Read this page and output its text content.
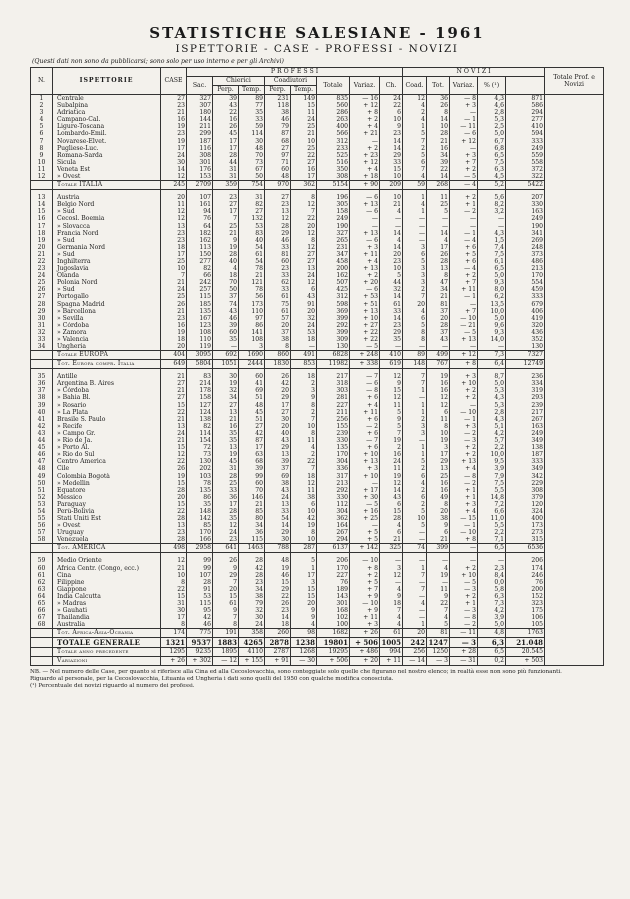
STATISTICHE SALESIANE - 1961
ISPETTORIE - CASE - PROFESSI - NOVIZI
(Questi dati non sono da pubblicarsi; sono solo per uso interno e per gli Archivi)
N.	ISPETTORIE	CASE	P R O F E S S I								N O V I Z I					Totale Prof. e Novizi
			Sac.	Chierici		Coadiutori		Totale	Variaz.	Ch.	Coad.	Tot.	Variaz.	% (¹)		
				Perp.	Temp.	Perp.	Temp.									
1	Centrale	27	327	39	89	231	149	835	— 16	24	12	36	— 8	4,3	871	
2	Subalpina	23	307	43	77	118	15	560	+ 12	22	4	26	+ 3	4,6	586	
3	Adriatica	21	180	22	35	38	11	286	+ 8	6	2	8	—	2,8	294	
4	Campano-Cal.	16	144	16	33	46	24	263	+ 2	10	4	14	— 1	5,3	277	
5	Ligure-Toscana	19	211	26	59	79	25	400	+ 4	9	1	10	— 11	2,5	410	
6	Lombardo-Emil.	23	299	45	114	87	21	566	+ 21	23	5	28	— 6	5,0	594	
7	Novarese-Elvet.	19	187	17	30	68	10	312	—	14	7	21	+ 12	6,7	333	
8	Pugliese-Luc.	17	116	17	48	27	25	233	+ 2	14	2	16	—	6,8	249	
9	Romana-Sarda	24	308	28	70	97	22	525	+ 23	29	5	34	+ 3	6,5	559	
10	Sicula	30	301	44	73	71	27	516	+ 12	33	6	39	+ 7	7,5	558	
11	Veneta Est	14	176	31	67	60	16	350	+ 4	15	7	22	+ 2	6,3	372	
12	» Ovest	12	153	31	50	48	17	308	+ 18	10	4	14	— 5	4,5	322	
	Totale ITALIA	245	2709	359	754	970	362	5154	+ 90	209	59	268	— 4	5,2	5422	

13	Austria	20	107	23	31	27	8	196	— 6	10	1	11	+ 2	5,6	207	
14	Belgio Nord	11	161	27	82	23	12	305	+ 13	21	4	25	+ 1	8,2	330	
15	» Sud	12	94	17	27	13	7	158	— 6	4	1	5	— 2	3,2	163	
16	Cecosl. Boemia	12	76	7	132	12	22	249	—	—	—	—	—	—	249	
17	» Slovacca	13	64	25	53	28	20	190	—	—	—	—	—	—	190	
18	Francia Nord	23	182	21	83	29	12	327	+ 13	14	—	14	— 1	4,3	341	
19	» Sud	23	162	9	40	46	8	265	— 6	4	—	4	— 4	1,5	269	
20	Germania Nord	18	113	19	54	33	12	231	+ 3	14	3	17	+ 6	7,4	248	
21	» Sud	17	150	28	61	81	27	347	+ 11	20	6	26	+ 5	7,5	373	
22	Inghilterra	25	277	40	54	60	27	458	+ 4	23	5	28	+ 6	6,1	486	
23	Jugoslavia	10	82	4	78	23	13	200	+ 13	10	3	13	— 4	6,5	213	
24	Olanda	7	66	18	21	33	24	162	+ 2	5	3	8	+ 2	5,0	170	
25	Polonia Nord	21	242	70	121	62	12	507	+ 20	44	3	47	+ 7	9,3	554	
26	» Sud	24	257	50	78	33	6	425	— 6	32	2	34	+ 11	8,0	459	
27	Portogallo	25	115	37	56	61	43	312	+ 53	14	7	21	— 1	6,2	333	
28	Spagna Madrid	26	185	74	173	75	91	598	+ 51	61	20	81	—	13,5	679	
29	» Barcellona	21	135	43	110	61	20	369	+ 13	33	4	37	+ 7	10,0	406	
30	» Sevilla	23	167	46	97	57	32	399	+ 10	14	6	20	— 10	5,0	419	
31	» Córdoba	16	123	39	86	20	24	292	+ 27	23	5	28	— 21	9,6	320	
32	» Zamora	19	108	60	141	37	53	399	+ 22	29	8	37	— 5	9,3	436	
33	» Valencia	18	110	35	108	38	18	309	+ 22	35	8	43	+ 13	14,0	352	
34	Ungheria	20	119	—	3	8	—	130	— 5	—	—	—	—	—	130	
	Totale EUROPA	404	3095	692	1690	860	491	6828	+ 248	410	89	499	+ 12	7,3	7327	
	Tot. Europa compr. Italia	649	5804	1051	2444	1830	853	11982	+ 338	619	148	767	+ 8	6,4	12749	

35	Antille	21	83	30	60	26	18	217	— 7	12	7	19	+ 3	8,7	236	
36	Argentina B. Aires	27	214	19	41	42	2	318	— 6	9	7	16	+ 10	5,0	334	
37	» Córdoba	21	178	32	69	20	3	303	— 8	15	1	16	+ 2	5,3	319	
38	» Bahia Bl.	27	158	34	51	29	9	281	+ 6	12	—	12	+ 2	4,3	293	
39	» Rosario	15	127	27	48	17	8	227	+ 4	11	1	12	—	5,3	239	
40	» La Plata	22	124	13	45	27	2	211	+ 11	5	1	6	— 10	2,8	217	
41	Brasile S. Paulo	21	138	21	51	30	7	256	+ 6	9	2	11	— 1	4,3	267	
42	» Recife	13	82	16	27	20	10	155	— 2	5	3	8	+ 3	5,1	163	
43	» Campo Gr.	24	114	35	42	40	8	239	+ 6	7	3	10	— 2	4,2	249	
44	» Rio de Ja.	21	154	35	87	43	11	330	— 7	19	—	19	— 3	5,7	349	
45	» Porto Al.	15	72	13	17	29	4	135	+ 6	2	1	3	+ 2	2,2	138	
46	» Rio do Sul	12	73	19	63	13	2	170	+ 10	16	1	17	+ 2	10,0	187	
47	Centro America	22	130	45	68	39	22	304	+ 13	24	5	29	+ 13	9,5	333	
48	Cile	26	202	31	39	37	7	336	+ 3	11	2	13	+ 4	3,9	349	
49	Colombia Bogotà	19	103	28	99	69	18	317	+ 10	19	6	25	— 8	7,9	342	
50	» Medellin	15	78	25	60	38	12	213	—	12	4	16	— 2	7,5	229	
51	Equatore	28	135	33	70	43	11	292	+ 17	14	2	16	+ 1	5,5	308	
52	Messico	20	86	36	146	24	38	330	+ 30	43	6	49	+ 1	14,8	379	
53	Paraguay	15	35	17	21	13	6	112	— 5	6	2	8	+ 3	7,2	120	
54	Perù-Bolivia	22	148	28	85	33	10	304	+ 16	15	5	20	+ 4	6,6	324	
55	Stati Uniti Est	28	142	35	80	54	42	362	+ 25	28	10	38	— 15	11,0	400	
56	» Ovest	13	85	12	34	14	19	164	—	4	5	9	— 1	5,5	173	
57	Uruguay	23	170	24	36	29	8	267	+ 5	6	—	6	— 10	2,2	273	
58	Venezuela	28	166	23	115	30	10	294	+ 5	21	—	21	+ 8	7,1	315	
	Tot. AMERICA	498	2958	641	1463	788	287	6137	+ 142	325	74	399	—	6,5	6536	

59	Medio Oriente	12	99	26	28	48	5	206	— 10	—	—	—	—	—	206	
60	Africa Centr. (Congo, ecc.)	21	99	9	42	19	1	170	+ 8	3	1	4	+ 2	2,3	174	
61	Cina	10	107	29	28	46	17	227	+ 2	12	7	19	+ 10	8,4	246	
62	Filippine	8	28	7	23	15	3	76	+ 5	—	—	—	— 5	0,0	76	
63	Giappone	22	91	20	34	29	15	189	+ 7	4	7	11	— 3	5,8	200	
64	India Calcutta	15	53	15	38	22	15	143	+ 9	9	—	9	+ 2	6,3	152	
65	» Madras	31	115	61	79	26	20	301	— 10	18	4	22	+ 1	7,3	323	
66	» Gauhati	30	95	9	32	23	9	168	+ 9	7	—	7	— 3	4,2	175	
67	Thailandia	17	42	7	30	14	9	102	+ 11	4	—	4	— 8	3,9	106	
68	Australia	8	46	8	24	18	4	100	+ 3	4	1	5	— 2	5,0	105	
	Tot. Africa-Asia-Oceania	174	775	191	358	260	98	1682	+ 26	61	20	81	— 11	4,8	1763	
	TOTALE GENERALE	1321	9537	1883	4265	2878	1238	19801	+ 506	1005	242	1247	— 3	6,3	21.048	
	Totale anno precedente	1295	9235	1895	4110	2787	1268	19295	+ 486	994	256	1250	+ 28	6,5	20.545	
	Variazioni	+ 26	+ 302	— 12	+ 155	+ 91	— 30	+ 506	+ 20	+ 11	— 14	— 3	— 31	0,2	+ 503	

NB. — Nel numero delle Case, per quanto si riferisce alla Cina ed alla Cecoslovacchia, sono conteggiate solo quelle che figurano nel nostro elenco; in realtà esse non sono più funzionanti.

Riguardo al personale, per la Cecoslovacchia, Lituania ed Ungheria i dati sono quelli del 1950 con qualche modifica conosciuta.

(¹) Percentuale dei novizi riguardo al numero dei professi.
